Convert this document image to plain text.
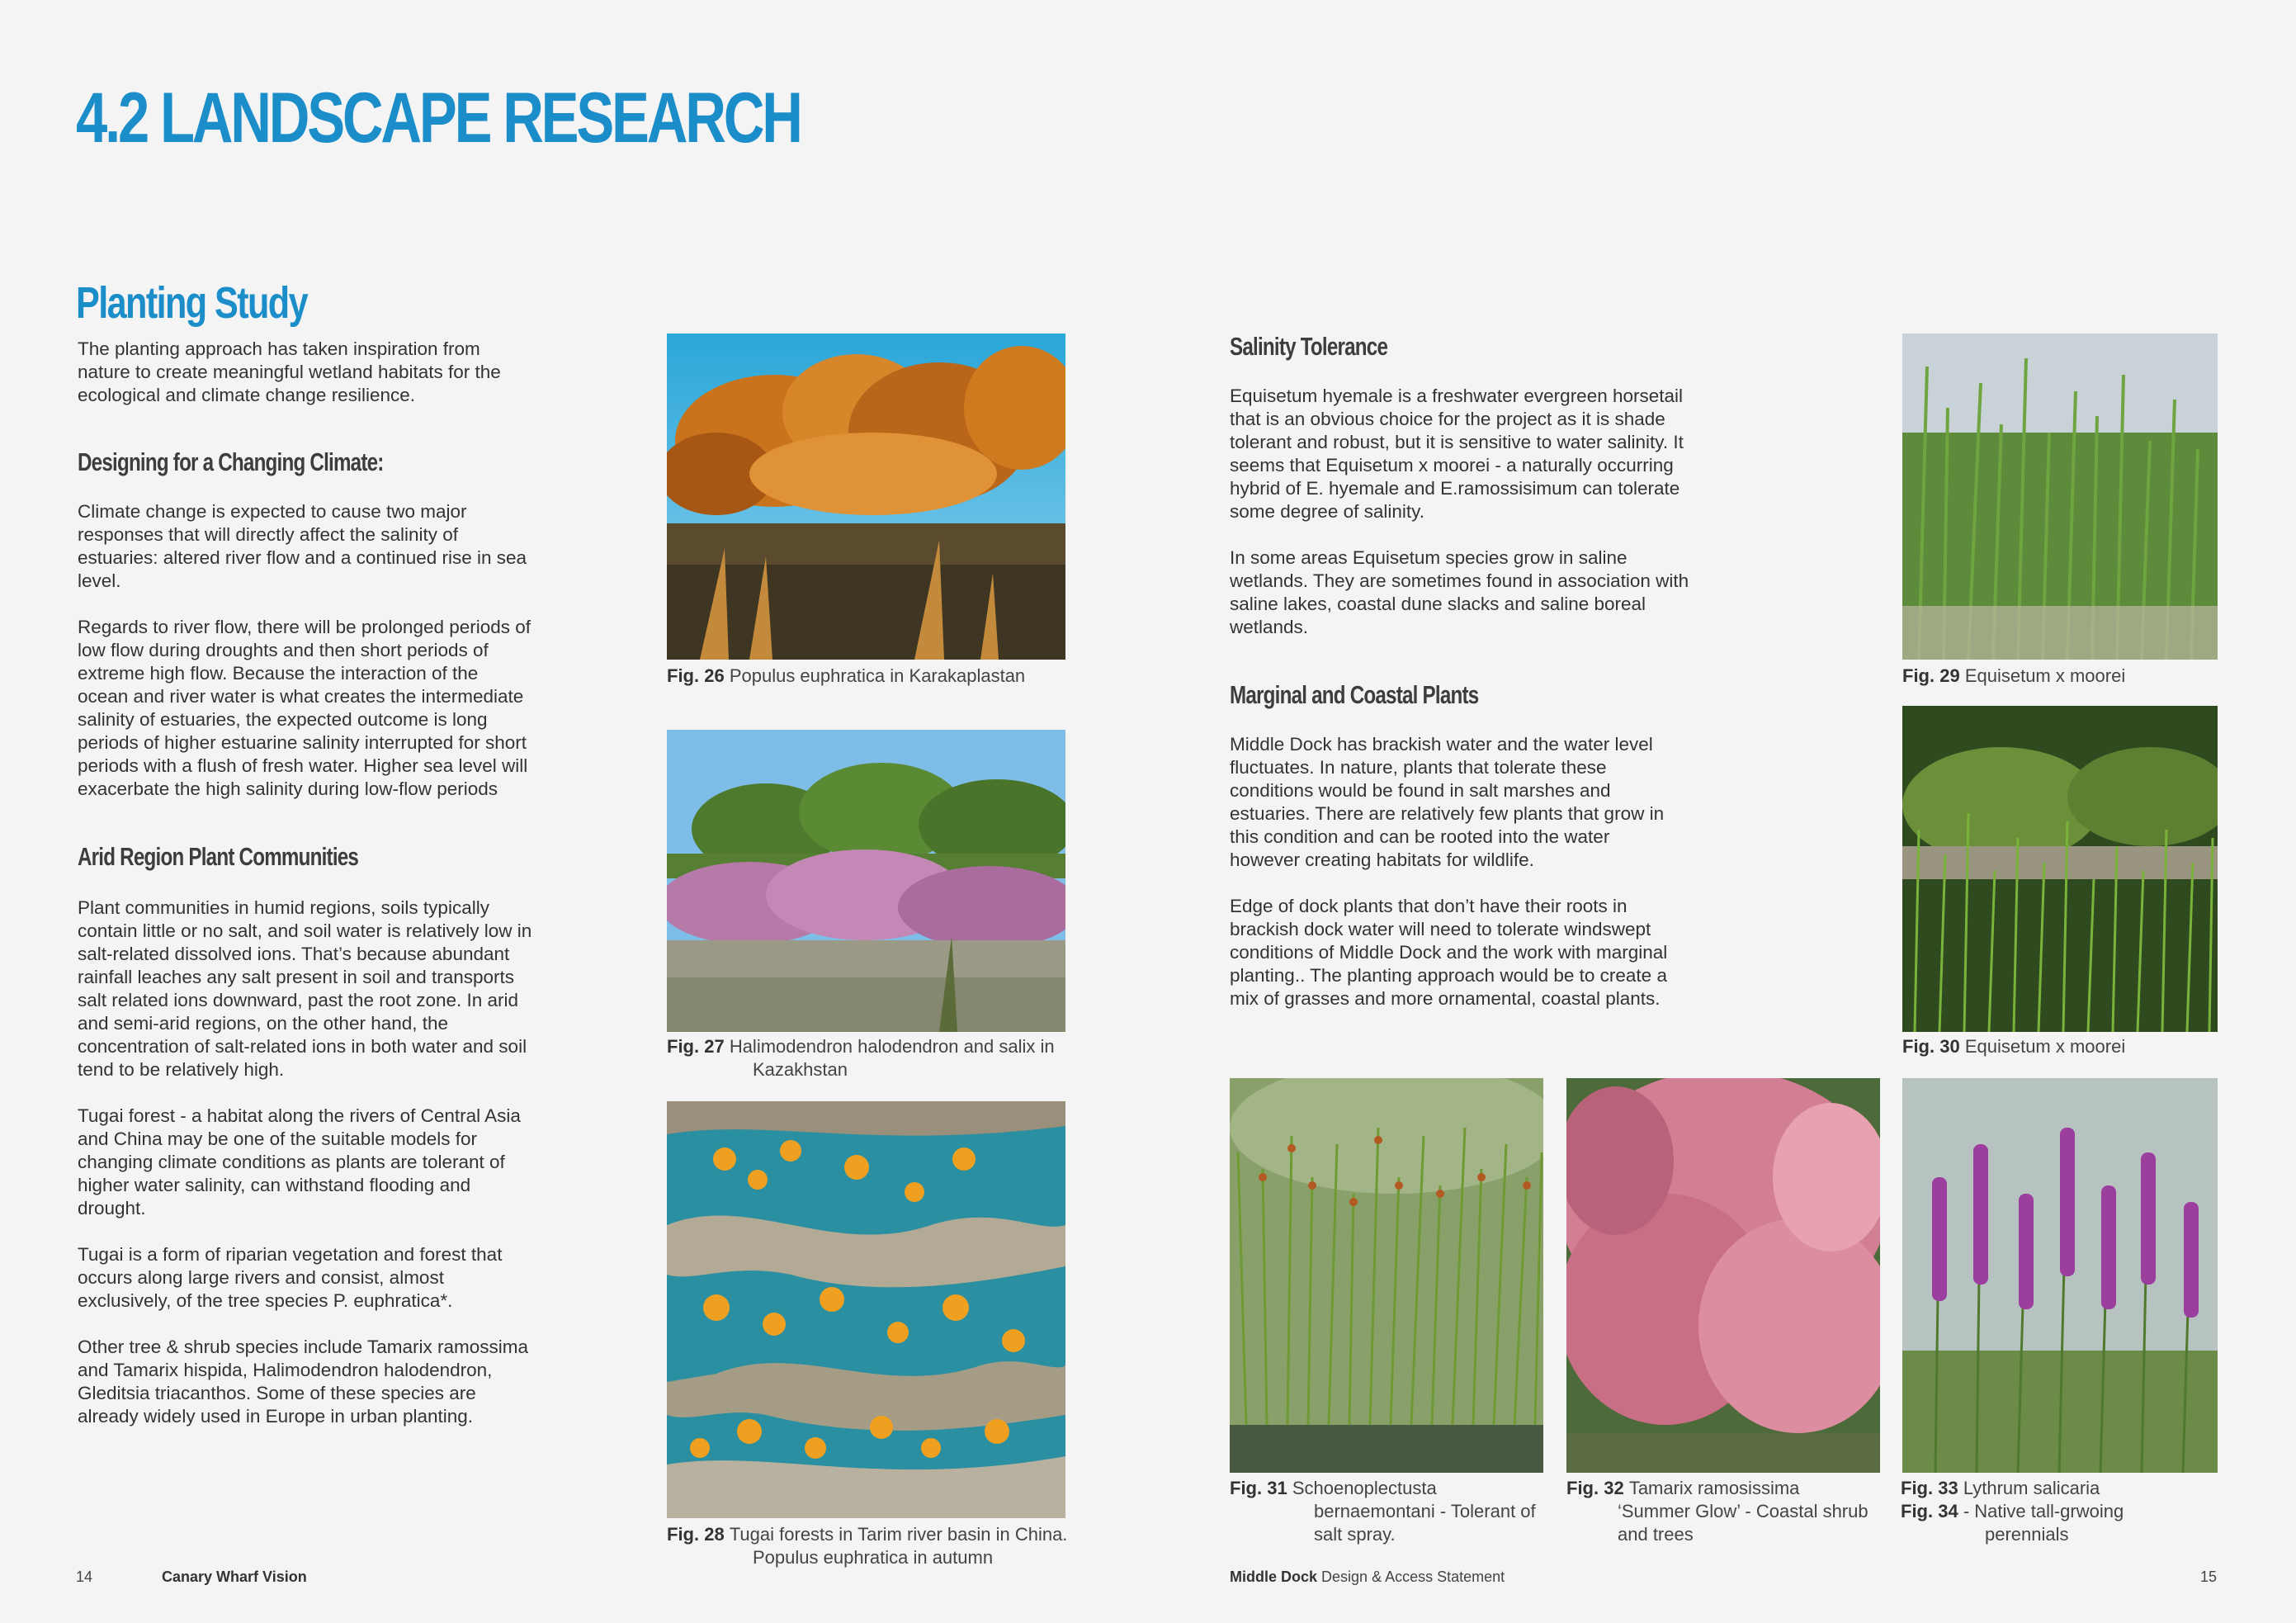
4.2 LANDSCAPE RESEARCH
Planting Study

The planting approach has taken inspiration from
nature to create meaningful wetland habitats for the
ecological and climate change resilience.

Designing for a Changing Climate:

Climate change is expected to cause two major
responses that will directly affect the salinity of
estuaries: altered river flow and a continued rise in sea
level.

Regards to river flow, there will be prolonged periods of
low flow during droughts and then short periods of
extreme high flow. Because the interaction of the
ocean and river water is what creates the intermediate
salinity of estuaries, the expected outcome is long
periods of higher estuarine salinity interrupted for short
periods with a flush of fresh water. Higher sea level will
exacerbate the high salinity during low-flow periods

Arid Region Plant Communities

Plant communities in humid regions, soils typically
contain little or no salt, and soil water is relatively low in
salt-related dissolved ions. That’s because abundant
rainfall leaches any salt present in soil and transports
salt related ions downward, past the root zone. In arid
and semi-arid regions, on the other hand, the
concentration of salt-related ions in both water and soil
tend to be relatively high.

Tugai forest - a habitat along the rivers of Central Asia
and China may be one of the suitable models for
changing climate conditions as plants are tolerant of
higher water salinity, can withstand flooding and
drought.

Tugai is a form of riparian vegetation and forest that
occurs along large rivers and consist, almost
exclusively, of the tree species P. euphratica*.

Other tree & shrub species include Tamarix ramossima
and Tamarix hispida, Halimodendron halodendron,
Gleditsia triacanthos. Some of these species are
already widely used in Europe in urban planting.

Salinity Tolerance

Equisetum hyemale is a freshwater evergreen horsetail
that is an obvious choice for the project as it is shade
tolerant and robust, but it is sensitive to water salinity. It
seems that Equisetum x moorei - a naturally occurring
hybrid of E. hyemale and E.ramossisimum can tolerate
some degree of salinity.

In some areas Equisetum species grow in saline
wetlands. They are sometimes found in association with
saline lakes, coastal dune slacks and saline boreal
wetlands.

Marginal and Coastal Plants

Middle Dock has brackish water and the water level
fluctuates. In nature, plants that tolerate these
conditions would be found in salt marshes and
estuaries. There are relatively few plants that grow in
this condition and can be rooted into the water
however creating habitats for wildlife.

Edge of dock plants that don’t have their roots in
brackish dock water will need to tolerate windswept
conditions of Middle Dock and the work with marginal
planting.. The planting approach would be to create a
mix of grasses and more ornamental, coastal plants.

Fig. 26
Populus euphratica in Karakaplastan
Fig. 27
Halimodendron halodendron and salix in
Kazakhstan
Fig. 28
Tugai forests in Tarim river basin in China.
Populus euphratica in autumn
Fig. 29
Equisetum x moorei
Fig. 30
Equisetum x moorei
Fig. 31
Schoenoplectusta
bernaemontani - Tolerant of
salt spray.
Fig. 32
Tamarix ramosissima
‘Summer Glow’ - Coastal shrub
and trees
Fig. 33
Lythrum salicaria
Fig. 34
- Native tall-grwoing
perennials
14	Canary Wharf Vision	Middle Dock Design & Access Statement	15
